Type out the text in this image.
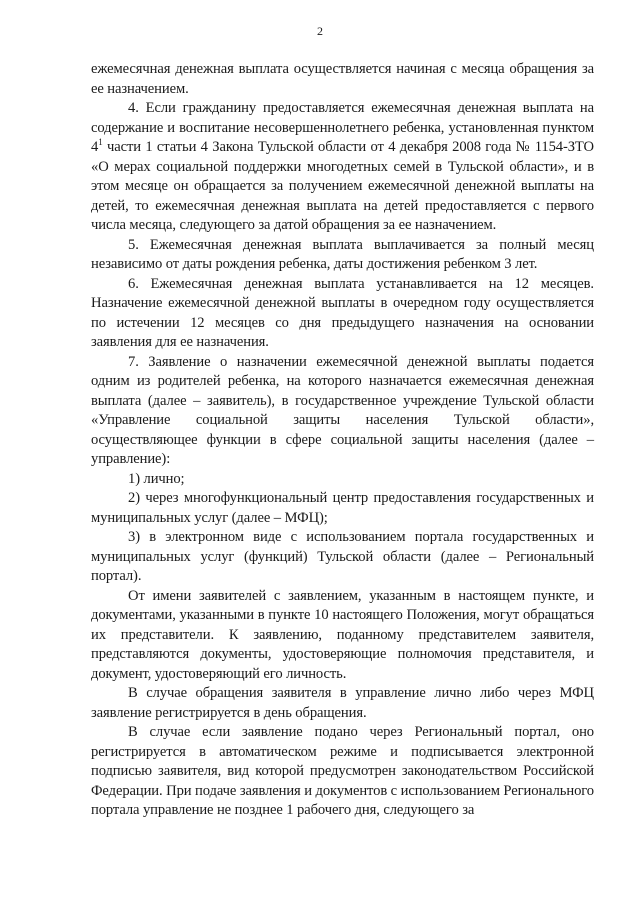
2

ежемесячная денежная выплата осуществляется начиная с месяца обращения за ее назначением.

4. Если гражданину предоставляется ежемесячная денежная выплата на содержание и воспитание несовершеннолетнего ребенка, установленная пунктом $4^1$ части 1 статьи 4 Закона Тульской области от 4 декабря 2008 года № 1154-ЗТО «О мерах социальной поддержки многодетных семей в Тульской области», и в этом месяце он обращается за получением ежемесячной денежной выплаты на детей, то ежемесячная денежная выплата на детей предоставляется с первого числа месяца, следующего за датой обращения за ее назначением.

5. Ежемесячная денежная выплата выплачивается за полный месяц независимо от даты рождения ребенка, даты достижения ребенком 3 лет.

6. Ежемесячная денежная выплата устанавливается на 12 месяцев. Назначение ежемесячной денежной выплаты в очередном году осуществляется по истечении 12 месяцев со дня предыдущего назначения на основании заявления для ее назначения.

7. Заявление о назначении ежемесячной денежной выплаты подается одним из родителей ребенка, на которого назначается ежемесячная денежная выплата (далее – заявитель), в государственное учреждение Тульской области «Управление социальной защиты населения Тульской области», осуществляющее функции в сфере социальной защиты населения (далее – управление):

1) лично;

2) через многофункциональный центр предоставления государственных и муниципальных услуг (далее – МФЦ);

3) в электронном виде с использованием портала государственных и муниципальных услуг (функций) Тульской области (далее – Региональный портал).

От имени заявителей с заявлением, указанным в настоящем пункте, и документами, указанными в пункте 10 настоящего Положения, могут обращаться их представители. К заявлению, поданному представителем заявителя, представляются документы, удостоверяющие полномочия представителя, и документ, удостоверяющий его личность.

В случае обращения заявителя в управление лично либо через МФЦ заявление регистрируется в день обращения.

В случае если заявление подано через Региональный портал, оно регистрируется в автоматическом режиме и подписывается электронной подписью заявителя, вид которой предусмотрен законодательством Российской Федерации. При подаче заявления и документов с использованием Регионального портала управление не позднее 1 рабочего дня, следующего за
